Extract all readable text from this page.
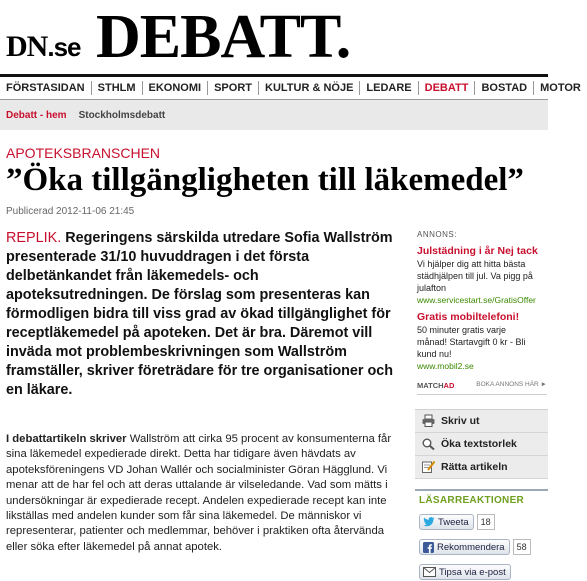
DN.se DEBATT.
FÖRSTASIDAN	STHLM	EKONOMI	SPORT	KULTUR & NÖJE	LEDARE	DEBATT	BOSTAD	MOTOR
Debatt - hem Stockholmsdebatt
APOTEKSBRANSCHEN
”Öka tillgängligheten till läkemedel”
Publicerad 2012-11-06 21:45

REPLIK. Regeringens särskilda utredare Sofia Wallström presenterade 31/10 huvuddragen i det första delbetänkandet från läkemedels- och apoteksutredningen. De förslag som presenteras kan förmodligen bidra till viss grad av ökad tillgänglighet för receptläkemedel på apoteken. Det är bra. Däremot vill inväda mot problembeskrivningen som Wallström framställer, skriver företrädare för tre organisationer och en läkare.

I debattartikeln skriver Wallström att cirka 95 procent av konsumenterna får sina läkemedel expedierade direkt. Detta har tidigare även hävdats av apoteksföreningens VD Johan Wallér och socialminister Göran Hägglund. Vi menar att de har fel och att deras uttalande är vilseledande. Vad som mätts i undersökningar är expedierade recept. Andelen expedierade recept kan inte likställas med andelen kunder som får sina läkemedel. De människor vi representerar, patienter och medlemmar, behöver i praktiken ofta återvända eller söka efter läkemedel på annat apotek.

ANNONS:
Julstädning i år Nej tack
Vi hjälper dig att hitta bästa
städhjälpen till jul. Va pigg på
julafton
www.servicestart.se/GratisOffer
Gratis mobiltelefoni!
50 minuter gratis varje
månad! Startavgift 0 kr - Bli
kund nu!
www.mobil2.se
MATCHAD	BOKA ANNONS HÄR ►
Skriv ut
Öka textstorlek
Rätta artikeln
LÄSARREAKTIONER
Tweeta	18
Rekommendera	58
Tipsa via e-post
